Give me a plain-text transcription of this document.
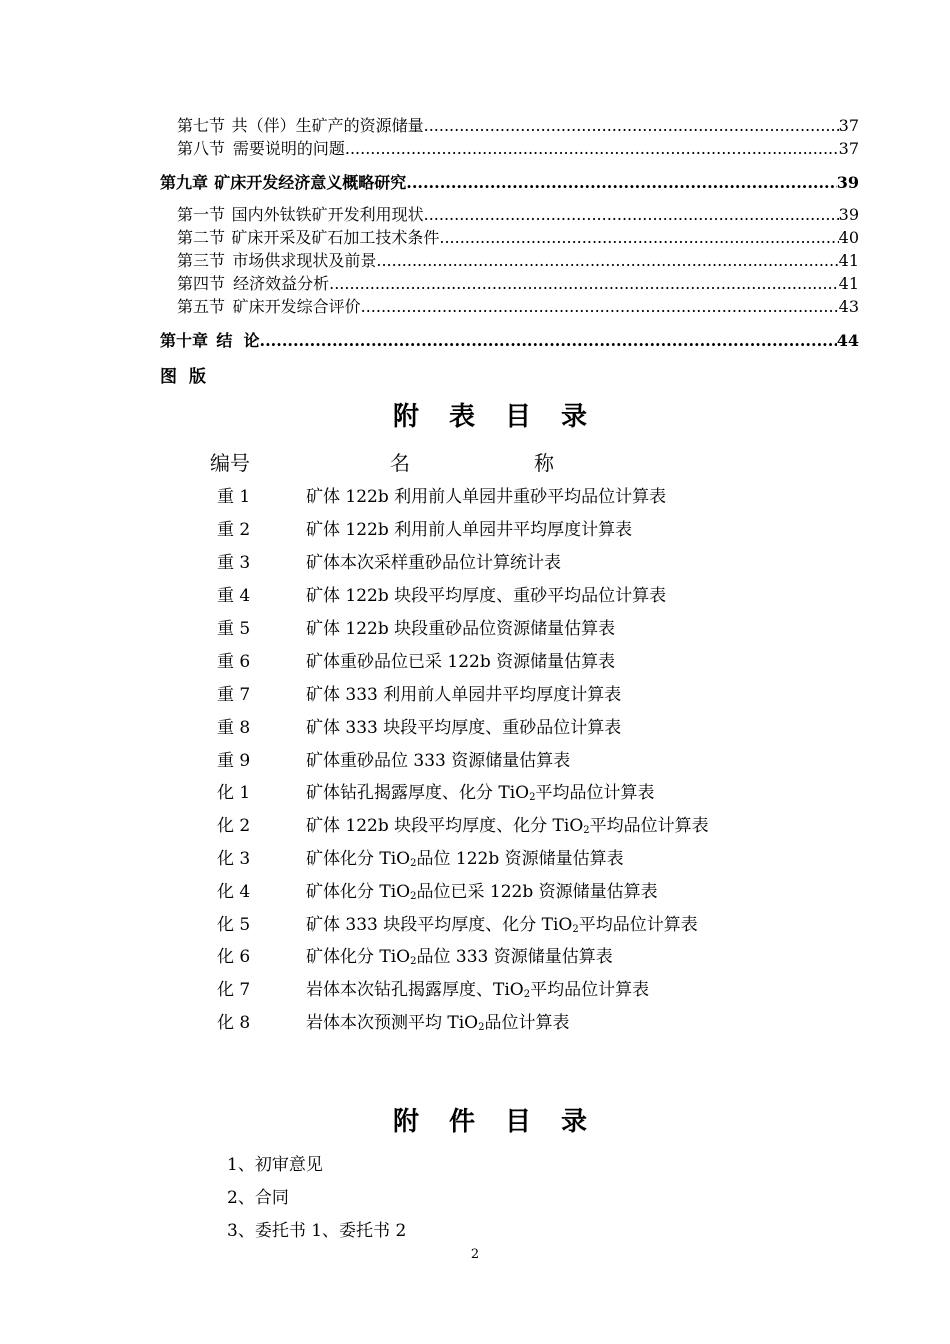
第七节 共（伴）生矿产的资源储量 .....	37
第八节 需要说明的问题 .....	37
第九章 矿床开发经济意义概略研究 .....	39
第一节 国内外钛铁矿开发利用现状 .....	39
第二节 矿床开采及矿石加工技术条件 .....	40
第三节 市场供求现状及前景 .....	41
第四节 经济效益分析 .....	41
第五节 矿床开发综合评价 .....	43
第十章 结  论 .....	44
图版
附表目录
编号	名	称
重 1	矿体 122b 利用前人单园井重砂平均品位计算表
重 2	矿体 122b 利用前人单园井平均厚度计算表
重 3	矿体本次采样重砂品位计算统计表
重 4	矿体 122b 块段平均厚度、重砂平均品位计算表
重 5	矿体 122b 块段重砂品位资源储量估算表
重 6	矿体重砂品位已采 122b 资源储量估算表
重 7	矿体 333 利用前人单园井平均厚度计算表
重 8	矿体 333 块段平均厚度、重砂品位计算表
重 9	矿体重砂品位 333 资源储量估算表
化 1	矿体钻孔揭露厚度、化分 TiO$_2$平均品位计算表
化 2	矿体 122b 块段平均厚度、化分 TiO$_2$平均品位计算表
化 3	矿体化分 TiO$_2$品位 122b 资源储量估算表
化 4	矿体化分 TiO$_2$品位已采 122b 资源储量估算表
化 5	矿体 333 块段平均厚度、化分 TiO$_2$平均品位计算表
化 6	矿体化分 TiO$_2$品位 333 资源储量估算表
化 7	岩体本次钻孔揭露厚度、TiO$_2$平均品位计算表
化 8	岩体本次预测平均 TiO$_2$品位计算表
附件目录
1、初审意见
2、合同
3、委托书 1、委托书 2
2
